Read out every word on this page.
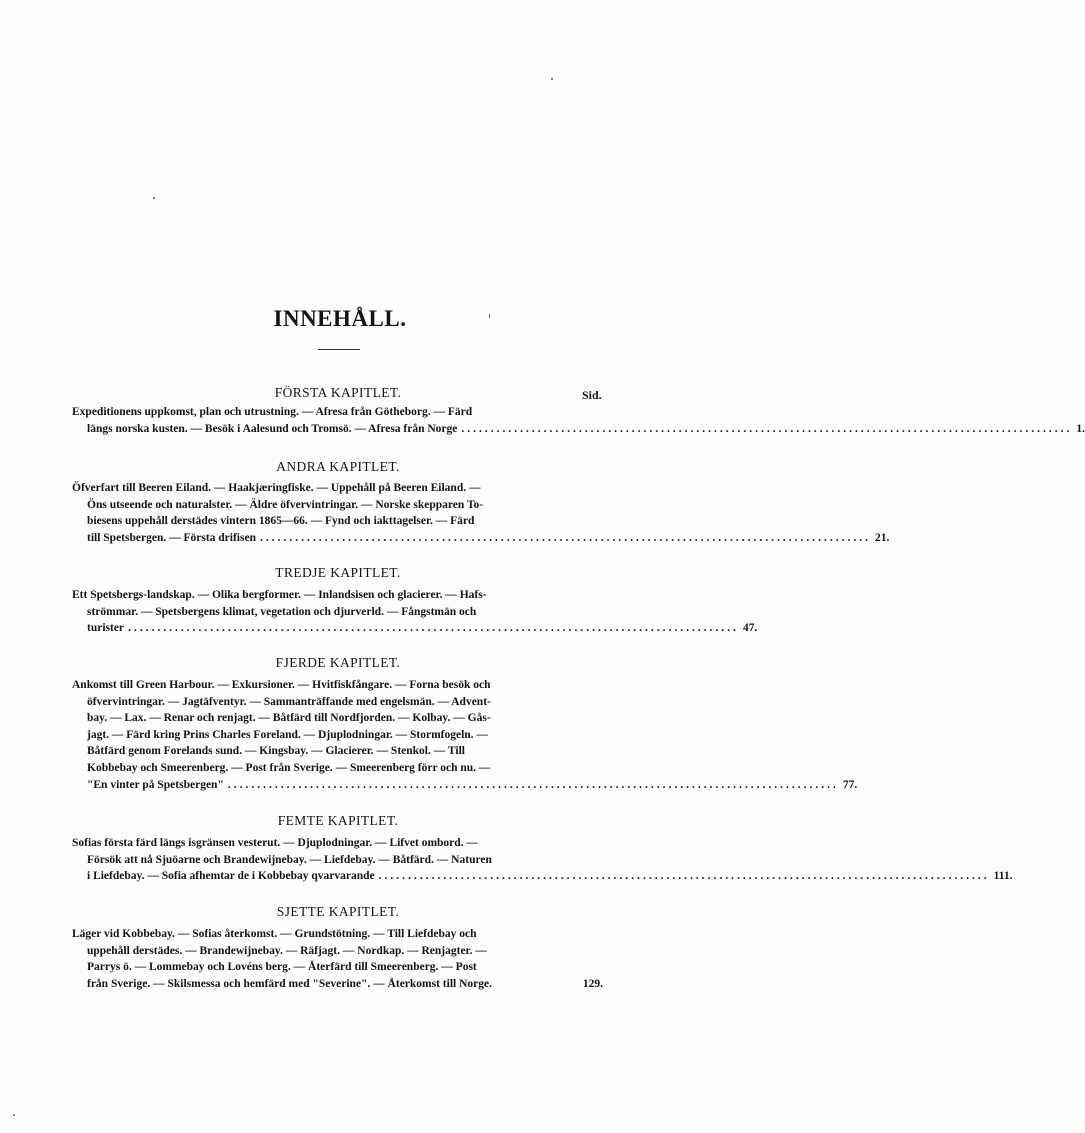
INNEHÅLL.
Sid.
FÖRSTA KAPITLET.
Expeditionens uppkomst, plan och utrustning. — Afresa från Götheborg. — Färd
längs norska kusten. — Besök i Aalesund och Tromsö. — Afresa från Norge ........................................................................................................ 1.
ANDRA KAPITLET.
Öfverfart till Beeren Eiland. — Haakjæringfiske. — Uppehåll på Beeren Eiland. —
Öns utseende och naturalster. — Äldre öfvervintringar. — Norske skepparen To-
biesens uppehåll derstädes vintern 1865—66. — Fynd och iakttagelser. — Färd
till Spetsbergen. — Första drifisen ........................................................................................................ 21.
TREDJE KAPITLET.
Ett Spetsbergs-landskap. — Olika bergformer. — Inlandsisen och glacierer. — Hafs-
strömmar. — Spetsbergens klimat, vegetation och djurverld. — Fångstmän och
turister ........................................................................................................ 47.
FJERDE KAPITLET.
Ankomst till Green Harbour. — Exkursioner. — Hvitfiskfångare. — Forna besök och
öfvervintringar. — Jagtäfventyr. — Sammanträffande med engelsmän. — Advent-
bay. — Lax. — Renar och renjagt. — Båtfärd till Nordfjorden. — Kolbay. — Gås-
jagt. — Färd kring Prins Charles Foreland. — Djuplodningar. — Stormfogeln. —
Båtfärd genom Forelands sund. — Kingsbay. — Glacierer. — Stenkol. — Till
Kobbebay och Smeerenberg. — Post från Sverige. — Smeerenberg förr och nu. —
"En vinter på Spetsbergen" ........................................................................................................ 77.
FEMTE KAPITLET.
Sofias första färd längs isgränsen vesterut. — Djuplodningar. — Lifvet ombord. —
Försök att nå Sjuöarne och Brandewijnebay. — Liefdebay. — Båtfärd. — Naturen
i Liefdebay. — Sofia afhemtar de i Kobbebay qvarvarande ........................................................................................................ 111.
SJETTE KAPITLET.
Läger vid Kobbebay. — Sofias återkomst. — Grundstötning. — Till Liefdebay och
uppehåll derstädes. — Brandewijnebay. — Räfjagt. — Nordkap. — Renjagter. —
Parrys ö. — Lommebay och Lovéns berg. — Återfärd till Smeerenberg. — Post
från Sverige. — Skilsmessa och hemfärd med "Severine". — Återkomst till Norge.	129.
